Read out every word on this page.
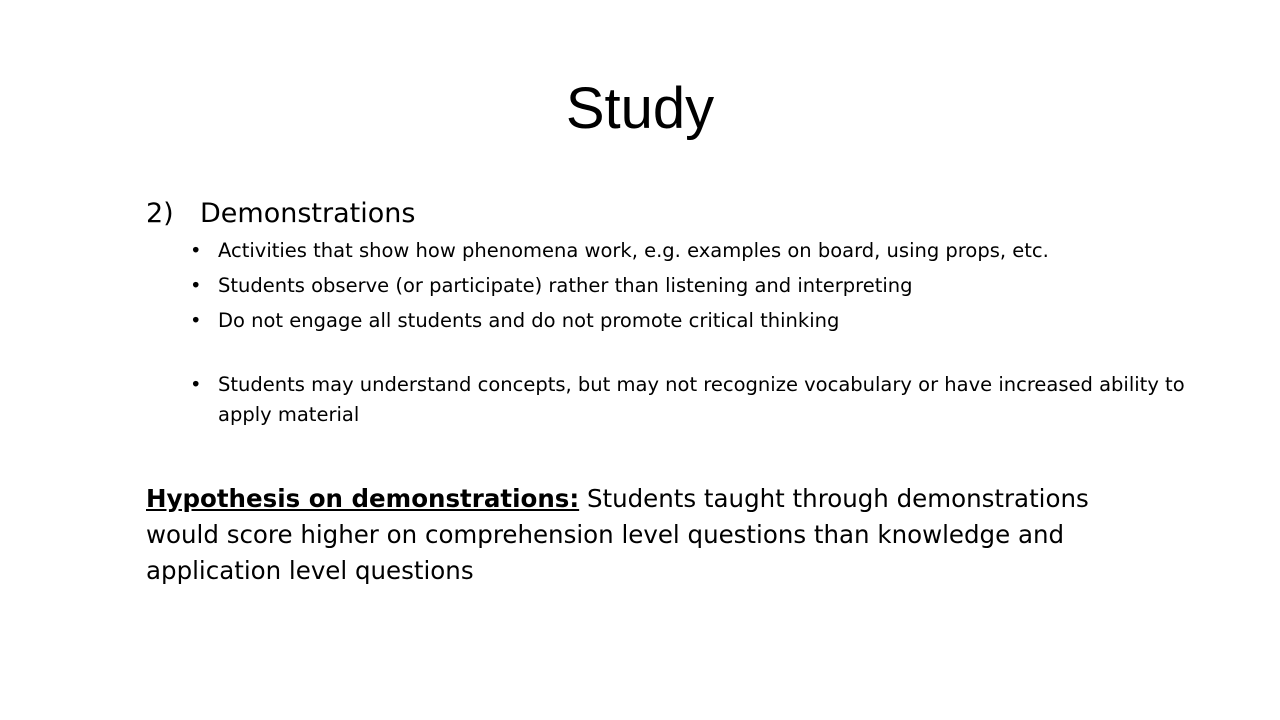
Study
2) Demonstrations
• Activities that show how phenomena work, e.g. examples on board, using props, etc.
• Students observe (or participate) rather than listening and interpreting
• Do not engage all students and do not promote critical thinking
• Students may understand concepts, but may not recognize vocabulary or have increased ability to apply material

Hypothesis on demonstrations: Students taught through demonstrations would score higher on comprehension level questions than knowledge and application level questions
